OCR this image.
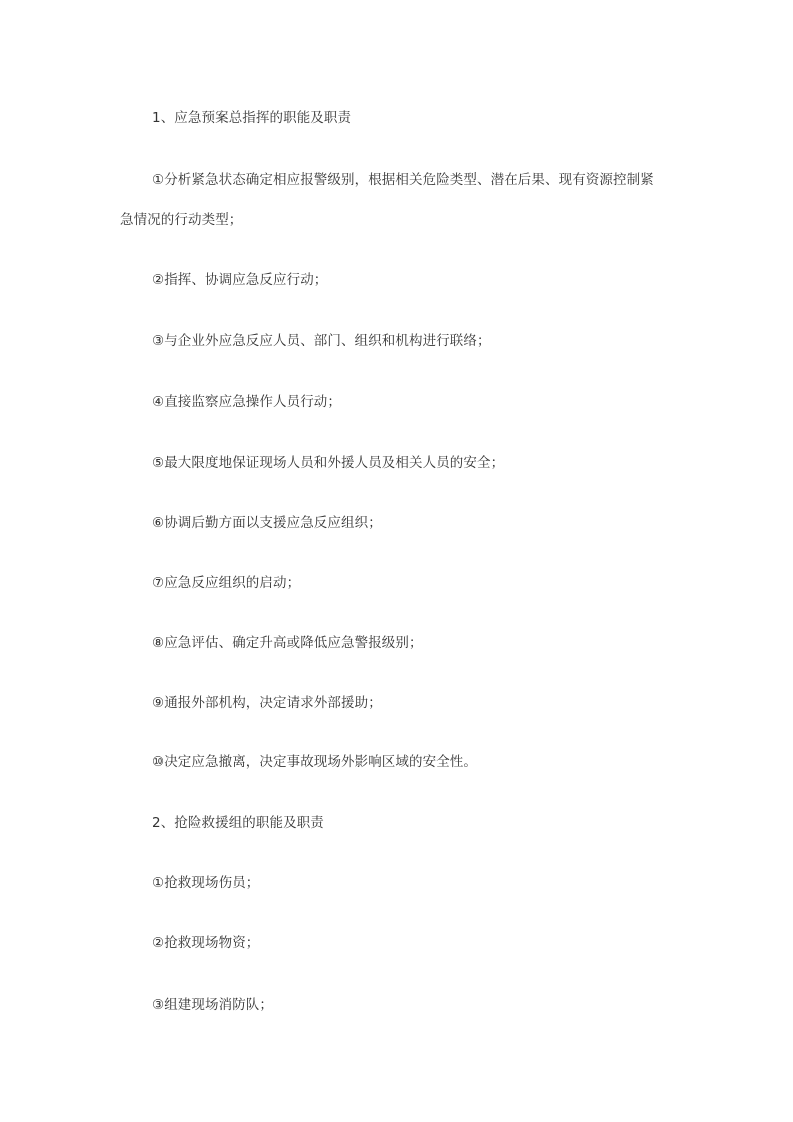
1、应急预案总指挥的职能及职责
①分析紧急状态确定相应报警级别，根据相关危险类型、潜在后果、现有资源控制紧
急情况的行动类型；
②指挥、协调应急反应行动；
③与企业外应急反应人员、部门、组织和机构进行联络；
④直接监察应急操作人员行动；
⑤最大限度地保证现场人员和外援人员及相关人员的安全；
⑥协调后勤方面以支援应急反应组织；
⑦应急反应组织的启动；
⑧应急评估、确定升高或降低应急警报级别；
⑨通报外部机构，决定请求外部援助；
⑩决定应急撤离，决定事故现场外影响区域的安全性。
2、抢险救援组的职能及职责
①抢救现场伤员；
②抢救现场物资；
③组建现场消防队；
